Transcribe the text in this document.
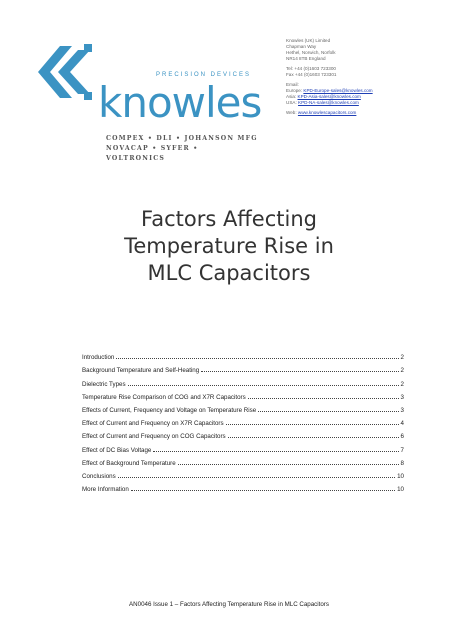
PRECISION DEVICES
knowles
COMPEX • DLI • JOHANSON MFG
NOVACAP • SYFER • VOLTRONICS
Knowles (UK) Limited
Chapman Way
Hethel, Norwich, Norfolk
NR14 8TB England
Tel: +44 (0)1603 723300
Fax +44 (0)1603 723301
Email:
Europe: KPD-Europe-sales@knowles.com
Asia: KPD-Asia-sales@knowles.com
USA: KPD-NA-sales@knowles.com
Web: www.knowlescapacitors.com
Factors Affecting
Temperature Rise in
MLC Capacitors
Introduction	2
Background Temperature and Self-Heating	2
Dielectric Types	2
Temperature Rise Comparison of COG and X7R Capacitors	3
Effects of Current, Frequency and Voltage on Temperature Rise	3
Effect of Current and Frequency on X7R Capacitors	4
Effect of Current and Frequency on COG Capacitors	6
Effect of DC Bias Voltage	7
Effect of Background Temperature	8
Conclusions	10
More Information	10
AN0046 Issue 1 – Factors Affecting Temperature Rise in MLC Capacitors
